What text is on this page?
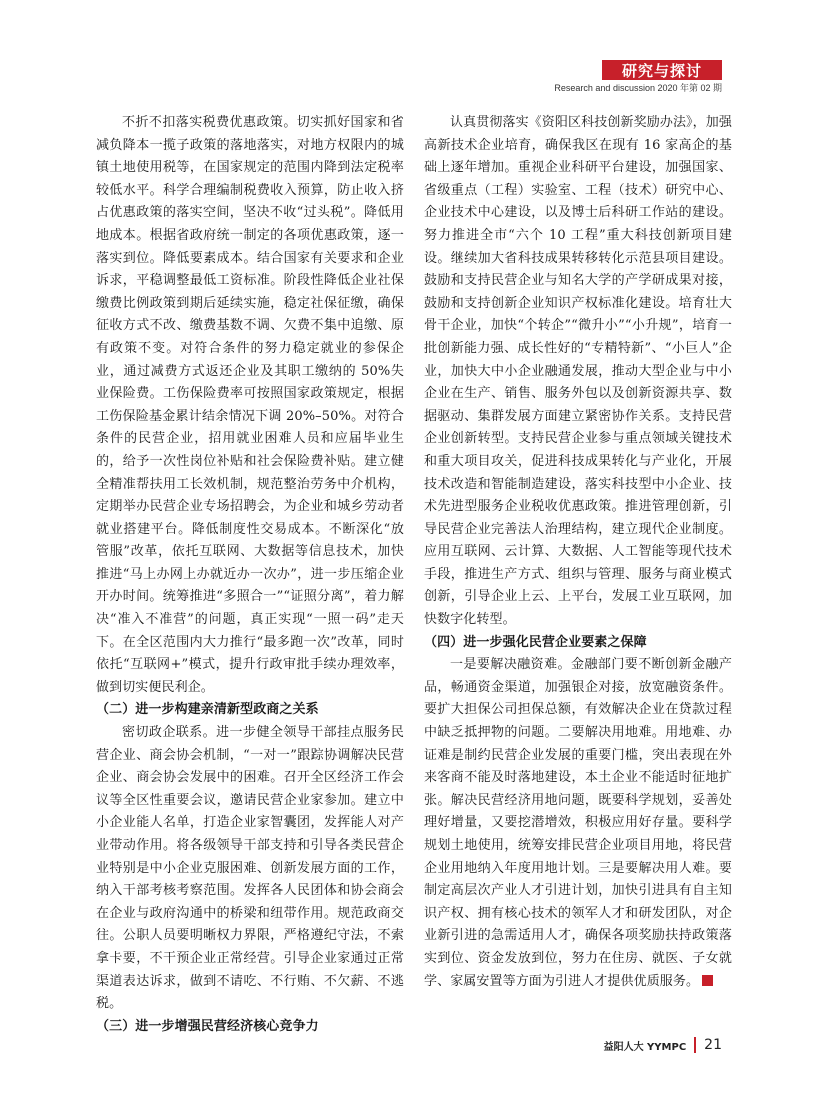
研究与探讨
Research and discussion 2020 年第 02 期

不折不扣落实税费优惠政策。切实抓好国家和省减负降本一揽子政策的落地落实，对地方权限内的城镇土地使用税等，在国家规定的范围内降到法定税率较低水平。科学合理编制税费收入预算，防止收入挤占优惠政策的落实空间，坚决不收“过头税”。降低用地成本。根据省政府统一制定的各项优惠政策，逐一落实到位。降低要素成本。结合国家有关要求和企业诉求，平稳调整最低工资标准。阶段性降低企业社保缴费比例政策到期后延续实施，稳定社保征缴，确保征收方式不改、缴费基数不调、欠费不集中追缴、原有政策不变。对符合条件的努力稳定就业的参保企业，通过减费方式返还企业及其职工缴纳的 50%失业保险费。工伤保险费率可按照国家政策规定，根据工伤保险基金累计结余情况下调 20%–50%。对符合条件的民营企业，招用就业困难人员和应届毕业生的，给予一次性岗位补贴和社会保险费补贴。建立健全精准帮扶用工长效机制，规范整治劳务中介机构，定期举办民营企业专场招聘会，为企业和城乡劳动者就业搭建平台。降低制度性交易成本。不断深化“放管服”改革，依托互联网、大数据等信息技术，加快推进“马上办网上办就近办一次办”，进一步压缩企业开办时间。统筹推进“多照合一”“证照分离”，着力解决“准入不准营”的问题，真正实现“一照一码”走天下。在全区范围内大力推行“最多跑一次”改革，同时依托“互联网+”模式，提升行政审批手续办理效率，做到切实便民利企。

（二）进一步构建亲清新型政商之关系

密切政企联系。进一步健全领导干部挂点服务民营企业、商会协会机制，“一对一”跟踪协调解决民营企业、商会协会发展中的困难。召开全区经济工作会议等全区性重要会议，邀请民营企业家参加。建立中小企业能人名单，打造企业家智囊团，发挥能人对产业带动作用。将各级领导干部支持和引导各类民营企业特别是中小企业克服困难、创新发展方面的工作，纳入干部考核考察范围。发挥各人民团体和协会商会在企业与政府沟通中的桥梁和纽带作用。规范政商交往。公职人员要明晰权力界限，严格遵纪守法，不索拿卡要，不干预企业正常经营。引导企业家通过正常渠道表达诉求，做到不请吃、不行贿、不欠薪、不逃税。

（三）进一步增强民营经济核心竞争力

认真贯彻落实《资阳区科技创新奖励办法》，加强高新技术企业培育，确保我区在现有 16 家高企的基础上逐年增加。重视企业科研平台建设，加强国家、省级重点（工程）实验室、工程（技术）研究中心、企业技术中心建设，以及博士后科研工作站的建设。努力推进全市“六个 10 工程”重大科技创新项目建设。继续加大省科技成果转移转化示范县项目建设。鼓励和支持民营企业与知名大学的产学研成果对接，鼓励和支持创新企业知识产权标准化建设。培育壮大骨干企业，加快“个转企”“微升小”“小升规”，培育一批创新能力强、成长性好的“专精特新”、“小巨人”企业，加快大中小企业融通发展，推动大型企业与中小企业在生产、销售、服务外包以及创新资源共享、数据驱动、集群发展方面建立紧密协作关系。支持民营企业创新转型。支持民营企业参与重点领域关键技术和重大项目攻关，促进科技成果转化与产业化，开展技术改造和智能制造建设，落实科技型中小企业、技术先进型服务企业税收优惠政策。推进管理创新，引导民营企业完善法人治理结构，建立现代企业制度。应用互联网、云计算、大数据、人工智能等现代技术手段，推进生产方式、组织与管理、服务与商业模式创新，引导企业上云、上平台，发展工业互联网，加快数字化转型。

（四）进一步强化民营企业要素之保障

一是要解决融资难。金融部门要不断创新金融产品，畅通资金渠道，加强银企对接，放宽融资条件。要扩大担保公司担保总额，有效解决企业在贷款过程中缺乏抵押物的问题。二要解决用地难。用地难、办证难是制约民营企业发展的重要门槛，突出表现在外来客商不能及时落地建设，本土企业不能适时征地扩张。解决民营经济用地问题，既要科学规划，妥善处理好增量，又要挖潜增效，积极应用好存量。要科学规划土地使用，统筹安排民营企业项目用地，将民营企业用地纳入年度用地计划。三是要解决用人难。要制定高层次产业人才引进计划，加快引进具有自主知识产权、拥有核心技术的领军人才和研发团队，对企业新引进的急需适用人才，确保各项奖励扶持政策落实到位、资金发放到位，努力在住房、就医、子女就学、家属安置等方面为引进人才提供优质服务。

益阳人大 YYMPC 21
